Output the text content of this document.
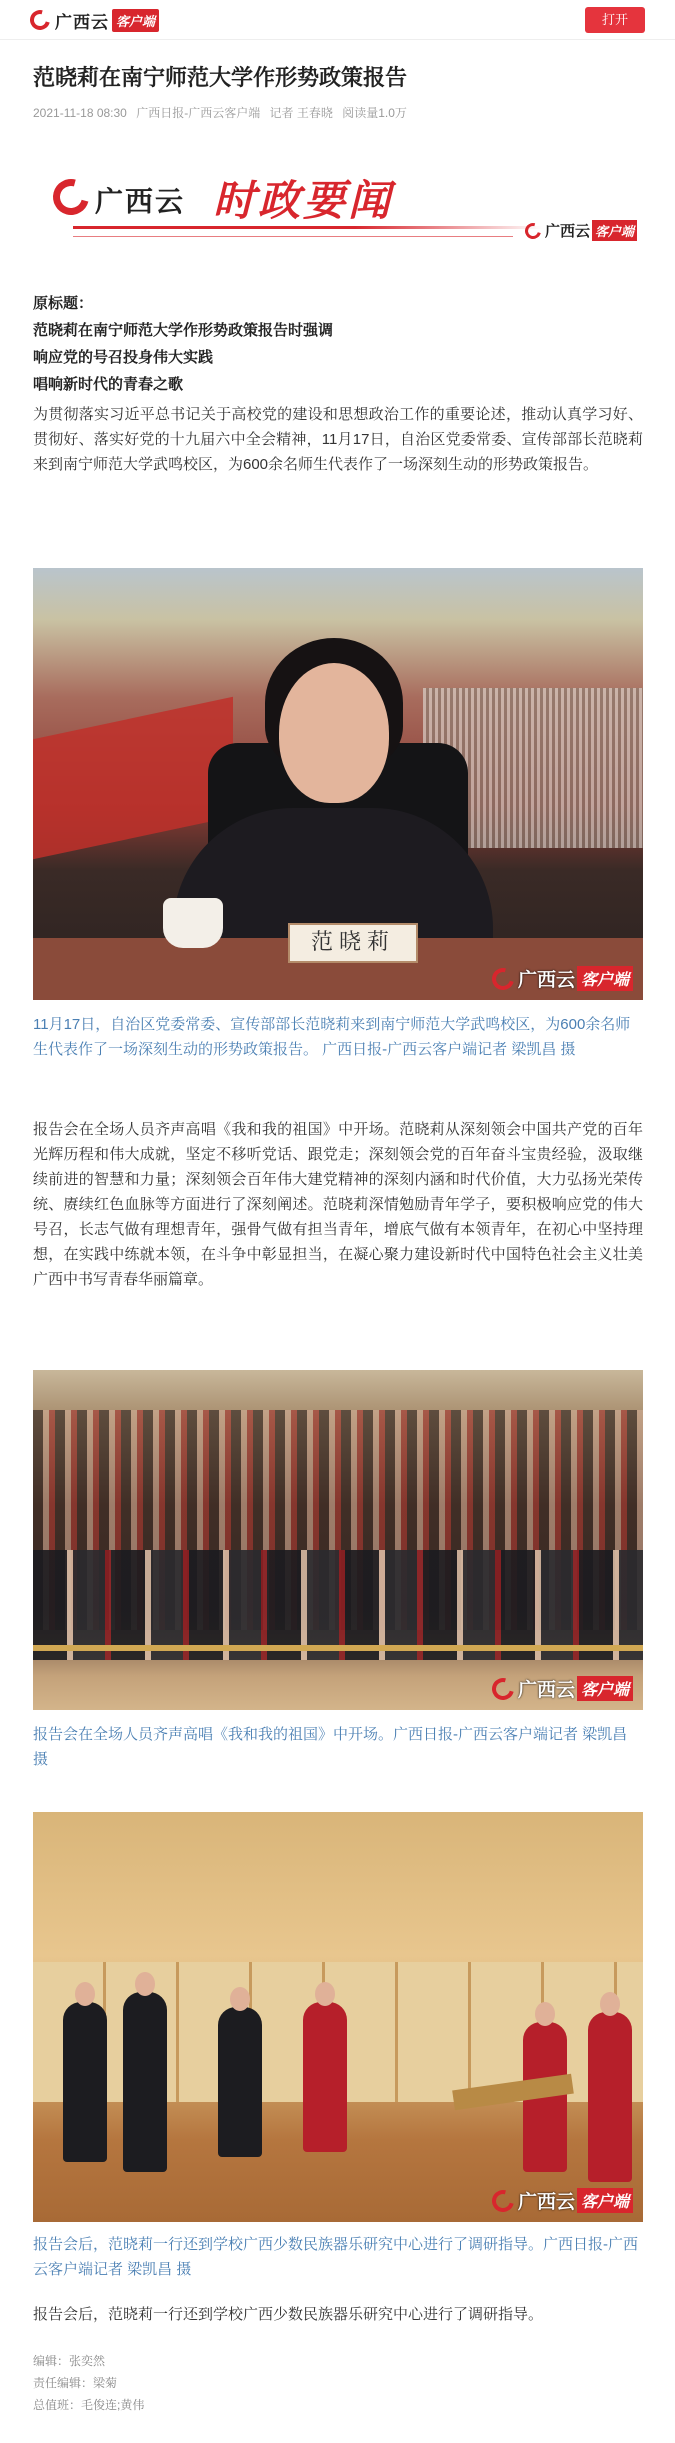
广西云 客户端	打开
范晓莉在南宁师范大学作形势政策报告
2021-11-18 08:30 广西日报-广西云客户端 记者 王春晓 阅读量1.0万
广西云 时政要闻
广西云 客户端
原标题：
范晓莉在南宁师范大学作形势政策报告时强调
响应党的号召投身伟大实践
唱响新时代的青春之歌

为贯彻落实习近平总书记关于高校党的建设和思想政治工作的重要论述，推动认真学习好、贯彻好、落实好党的十九届六中全会精神，11月17日，自治区党委常委、宣传部部长范晓莉来到南宁师范大学武鸣校区，为600余名师生代表作了一场深刻生动的形势政策报告。

范晓莉
广西云 客户端

11月17日，自治区党委常委、宣传部部长范晓莉来到南宁师范大学武鸣校区，为600余名师生代表作了一场深刻生动的形势政策报告。 广西日报-广西云客户端记者 梁凯昌 摄

报告会在全场人员齐声高唱《我和我的祖国》中开场。范晓莉从深刻领会中国共产党的百年光辉历程和伟大成就，坚定不移听党话、跟党走；深刻领会党的百年奋斗宝贵经验，汲取继续前进的智慧和力量；深刻领会百年伟大建党精神的深刻内涵和时代价值，大力弘扬光荣传统、赓续红色血脉等方面进行了深刻阐述。范晓莉深情勉励青年学子，要积极响应党的伟大号召，长志气做有理想青年，强骨气做有担当青年，增底气做有本领青年，在初心中坚持理想，在实践中练就本领，在斗争中彰显担当，在凝心聚力建设新时代中国特色社会主义壮美广西中书写青春华丽篇章。

广西云 客户端

报告会在全场人员齐声高唱《我和我的祖国》中开场。广西日报-广西云客户端记者 梁凯昌 摄

广西云 客户端

报告会后，范晓莉一行还到学校广西少数民族器乐研究中心进行了调研指导。广西日报-广西云客户端记者 梁凯昌 摄

报告会后，范晓莉一行还到学校广西少数民族器乐研究中心进行了调研指导。

编辑：张奕然
责任编辑：梁菊
总值班：毛俊连;黄伟
